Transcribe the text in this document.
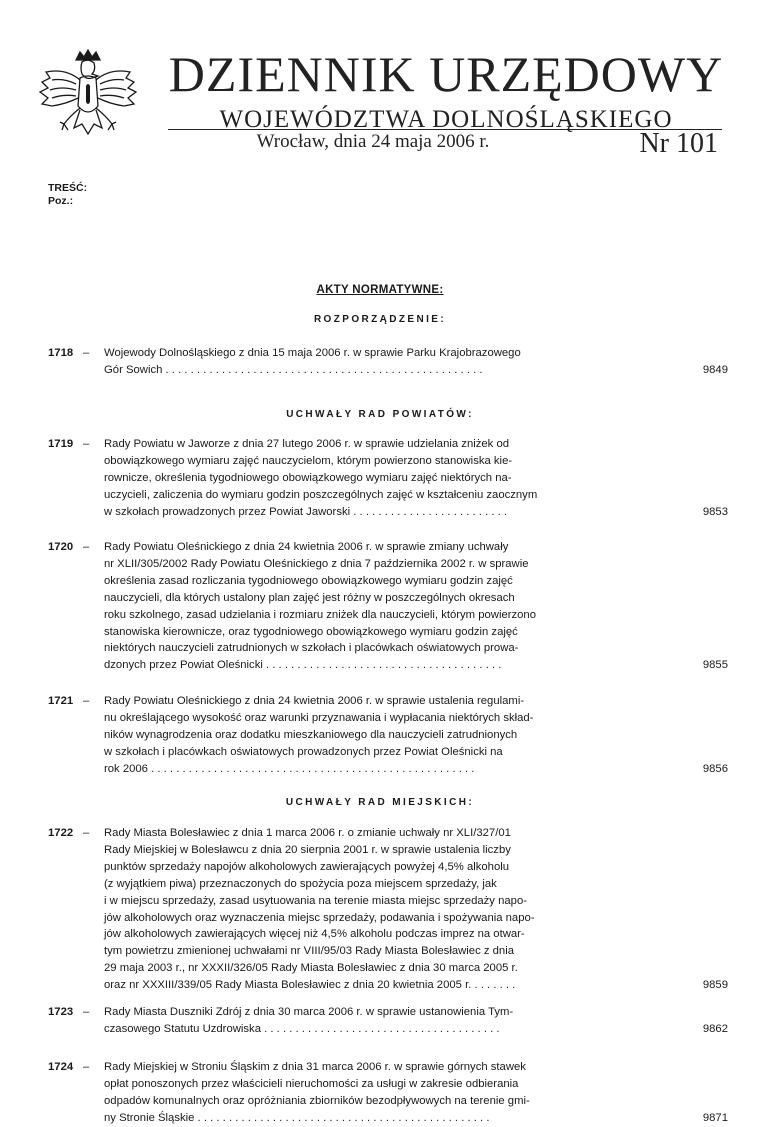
DZIENNIK URZĘDOWY
WOJEWÓDZTWA DOLNOŚLĄSKIEGO
Wrocław, dnia 24 maja 2006 r.	Nr 101
TREŚĆ:
Poz.:
AKTY NORMATYWNE:
ROZPORZĄDZENIE:
1718 – Wojewody Dolnośląskiego z dnia 15 maja 2006 r. w sprawie Parku Krajobrazowego
Gór Sowich . . . . . . . . . . . . . . . . . . . . . . . . . . . . . . . . . . . . . . . . . . . . . . . . . . .	9849
UCHWAŁY RAD POWIATÓW:
1719 – Rady Powiatu w Jaworze z dnia 27 lutego 2006 r. w sprawie udzielania zniżek od
obowiązkowego wymiaru zajęć nauczycielom, którym powierzono stanowiska kie-
rownicze, określenia tygodniowego obowiązkowego wymiaru zajęć niektórych na-
uczycieli, zaliczenia do wymiaru godzin poszczególnych zajęć w kształceniu zaocznym
w szkołach prowadzonych przez Powiat Jaworski . . . . . . . . . . . . . . . . . . . . . . . . .	9853
1720 – Rady Powiatu Oleśnickiego z dnia 24 kwietnia 2006 r. w sprawie zmiany uchwały
nr XLII/305/2002 Rady Powiatu Oleśnickiego z dnia 7 października 2002 r. w sprawie
określenia zasad rozliczania tygodniowego obowiązkowego wymiaru godzin zajęć
nauczycieli, dla których ustalony plan zajęć jest różny w poszczególnych okresach
roku szkolnego, zasad udzielania i rozmiaru zniżek dla nauczycieli, którym powierzono
stanowiska kierownicze, oraz tygodniowego obowiązkowego wymiaru godzin zajęć
niektórych nauczycieli zatrudnionych w szkołach i placówkach oświatowych prowa-
dzonych przez Powiat Oleśnicki . . . . . . . . . . . . . . . . . . . . . . . . . . . . . . . . . . . . . .	9855
1721 – Rady Powiatu Oleśnickiego z dnia 24 kwietnia 2006 r. w sprawie ustalenia regulami-
nu określającego wysokość oraz warunki przyznawania i wypłacania niektórych skład-
ników wynagrodzenia oraz dodatku mieszkaniowego dla nauczycieli zatrudnionych
w szkołach i placówkach oświatowych prowadzonych przez Powiat Oleśnicki na
rok 2006 . . . . . . . . . . . . . . . . . . . . . . . . . . . . . . . . . . . . . . . . . . . . . . . . . . . .	9856
UCHWAŁY RAD MIEJSKICH:
1722 – Rady Miasta Bolesławiec z dnia 1 marca 2006 r. o zmianie uchwały nr XLI/327/01
Rady Miejskiej w Bolesławcu z dnia 20 sierpnia 2001 r. w sprawie ustalenia liczby
punktów sprzedaży napojów alkoholowych zawierających powyżej 4,5% alkoholu
(z wyjątkiem piwa) przeznaczonych do spożycia poza miejscem sprzedaży, jak
i w miejscu sprzedaży, zasad usytuowania na terenie miasta miejsc sprzedaży napo-
jów alkoholowych oraz wyznaczenia miejsc sprzedaży, podawania i spożywania napo-
jów alkoholowych zawierających więcej niż 4,5% alkoholu podczas imprez na otwar-
tym powietrzu zmienionej uchwałami nr VIII/95/03 Rady Miasta Bolesławiec z dnia
29 maja 2003 r., nr XXXII/326/05 Rady Miasta Bolesławiec z dnia 30 marca 2005 r.
oraz nr XXXIII/339/05 Rady Miasta Bolesławiec z dnia 20 kwietnia 2005 r. . . . . . . .	9859
1723 – Rady Miasta Duszniki Zdrój z dnia 30 marca 2006 r. w sprawie ustanowienia Tym-
czasowego Statutu Uzdrowiska . . . . . . . . . . . . . . . . . . . . . . . . . . . . . . . . . . . . . .	9862
1724 – Rady Miejskiej w Stroniu Śląskim z dnia 31 marca 2006 r. w sprawie górnych stawek
opłat ponoszonych przez właścicieli nieruchomości za usługi w zakresie odbierania
odpadów komunalnych oraz opróżniania zbiorników bezodpływowych na terenie gmi-
ny Stronie Śląskie . . . . . . . . . . . . . . . . . . . . . . . . . . . . . . . . . . . . . . . . . . . . . . .	9871
